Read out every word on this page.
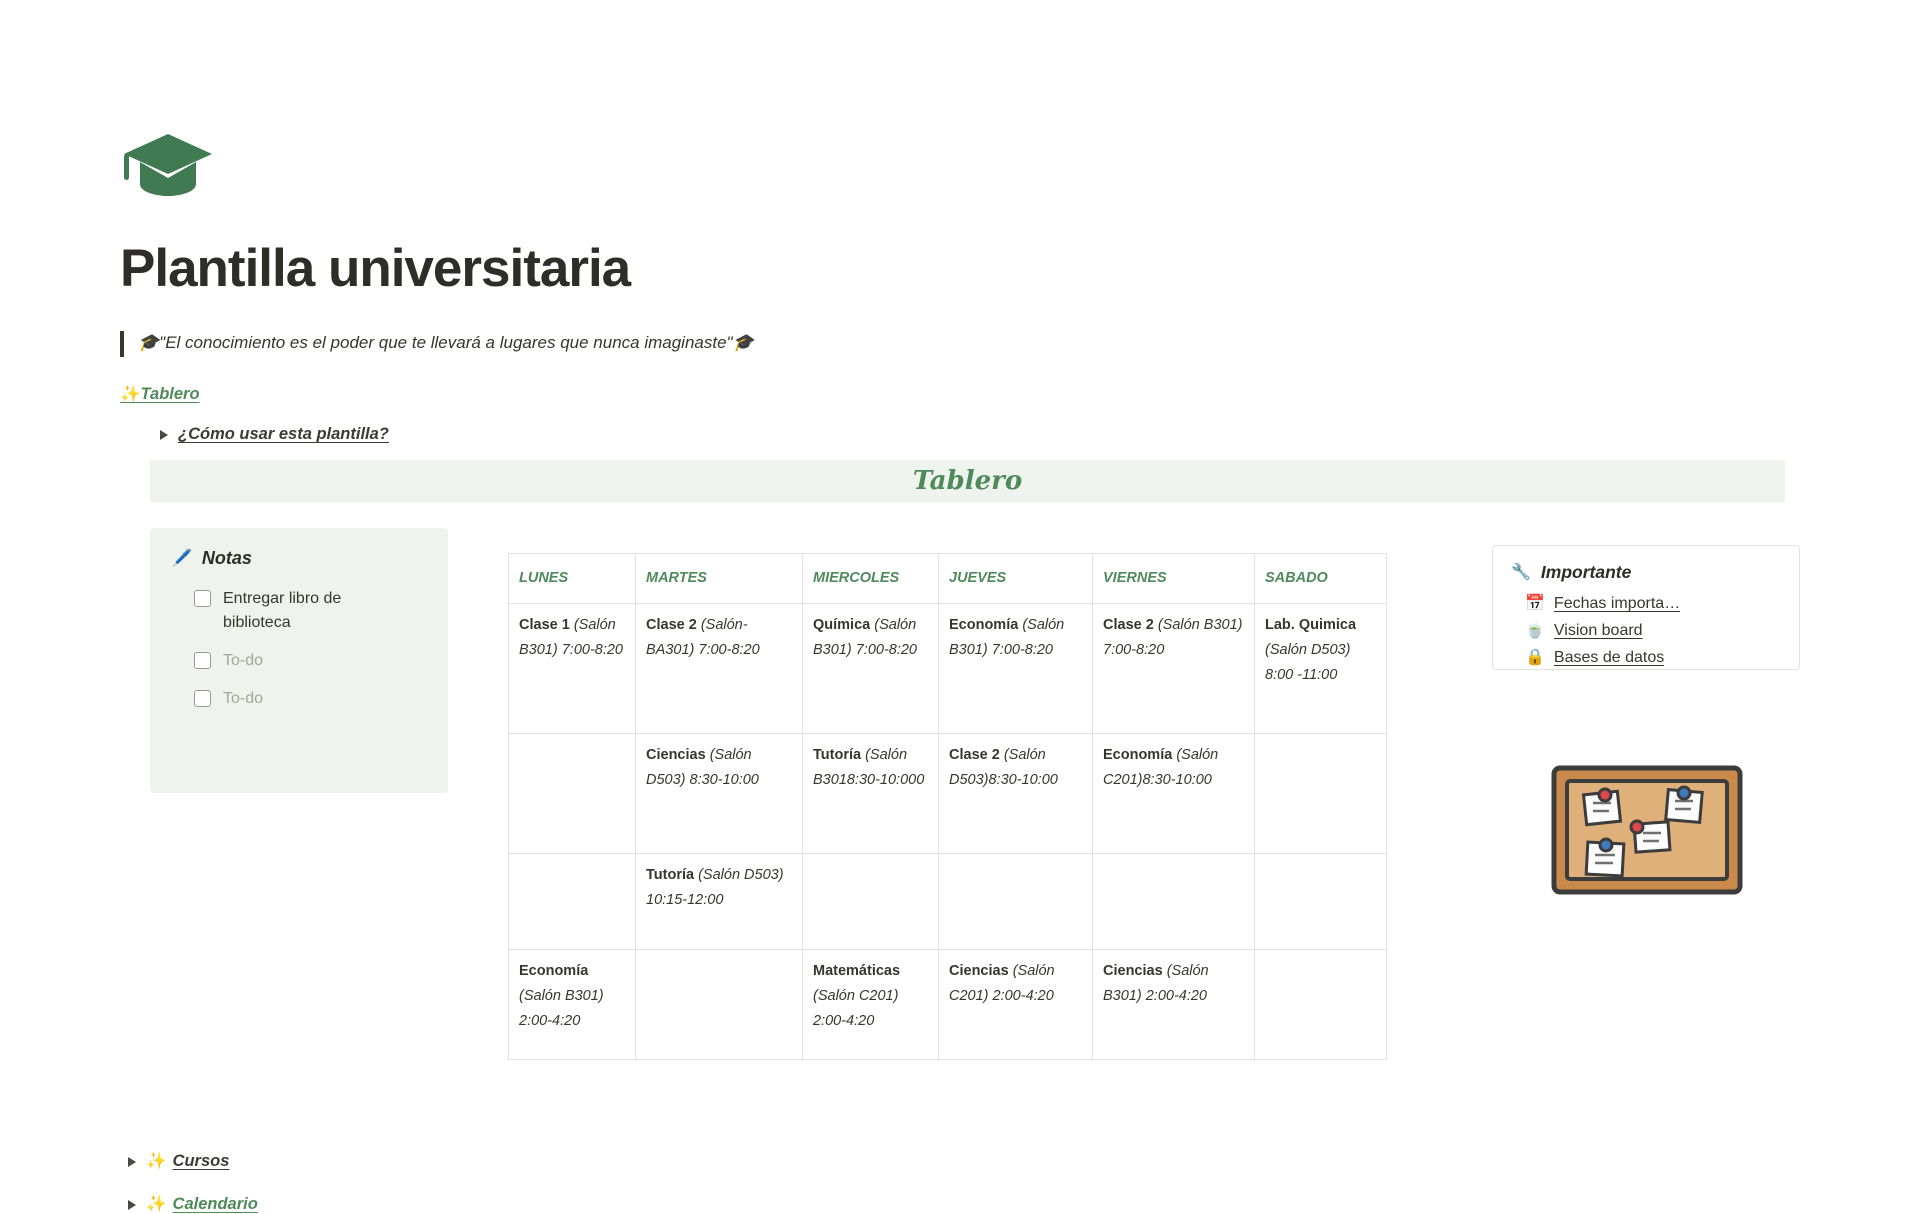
Plantilla universitaria
🎓"El conocimiento es el poder que te llevará a lugares que nunca imaginaste"🎓
✨Tablero
¿Cómo usar esta plantilla?
Tablero
🖊️ Notas
Entregar libro de biblioteca
To-do
To-do
LUNES	MARTES	MIERCOLES	JUEVES	VIERNES	SABADO
Clase 1 (Salón B301) 7:00-8:20	Clase 2 (Salón- BA301) 7:00-8:20	Química (Salón B301) 7:00-8:20	Economía (Salón B301) 7:00-8:20	Clase 2 (Salón B301) 7:00-8:20	Lab. Quimica (Salón D503) 8:00 -11:00
	Ciencias (Salón D503) 8:30-10:00	Tutoría (Salón B3018:30-10:000	Clase 2 (Salón D503)8:30-10:00	Economía (Salón C201)8:30-10:00	
	Tutoría (Salón D503) 10:15-12:00				
Economía (Salón B301) 2:00-4:20		Matemáticas (Salón C201) 2:00-4:20	Ciencias (Salón C201) 2:00-4:20	Ciencias (Salón B301) 2:00-4:20	
🔧 Importante
📅 Fechas importa…
🍵 Vision board
🔒 Bases de datos
✨ Cursos
✨ Calendario
